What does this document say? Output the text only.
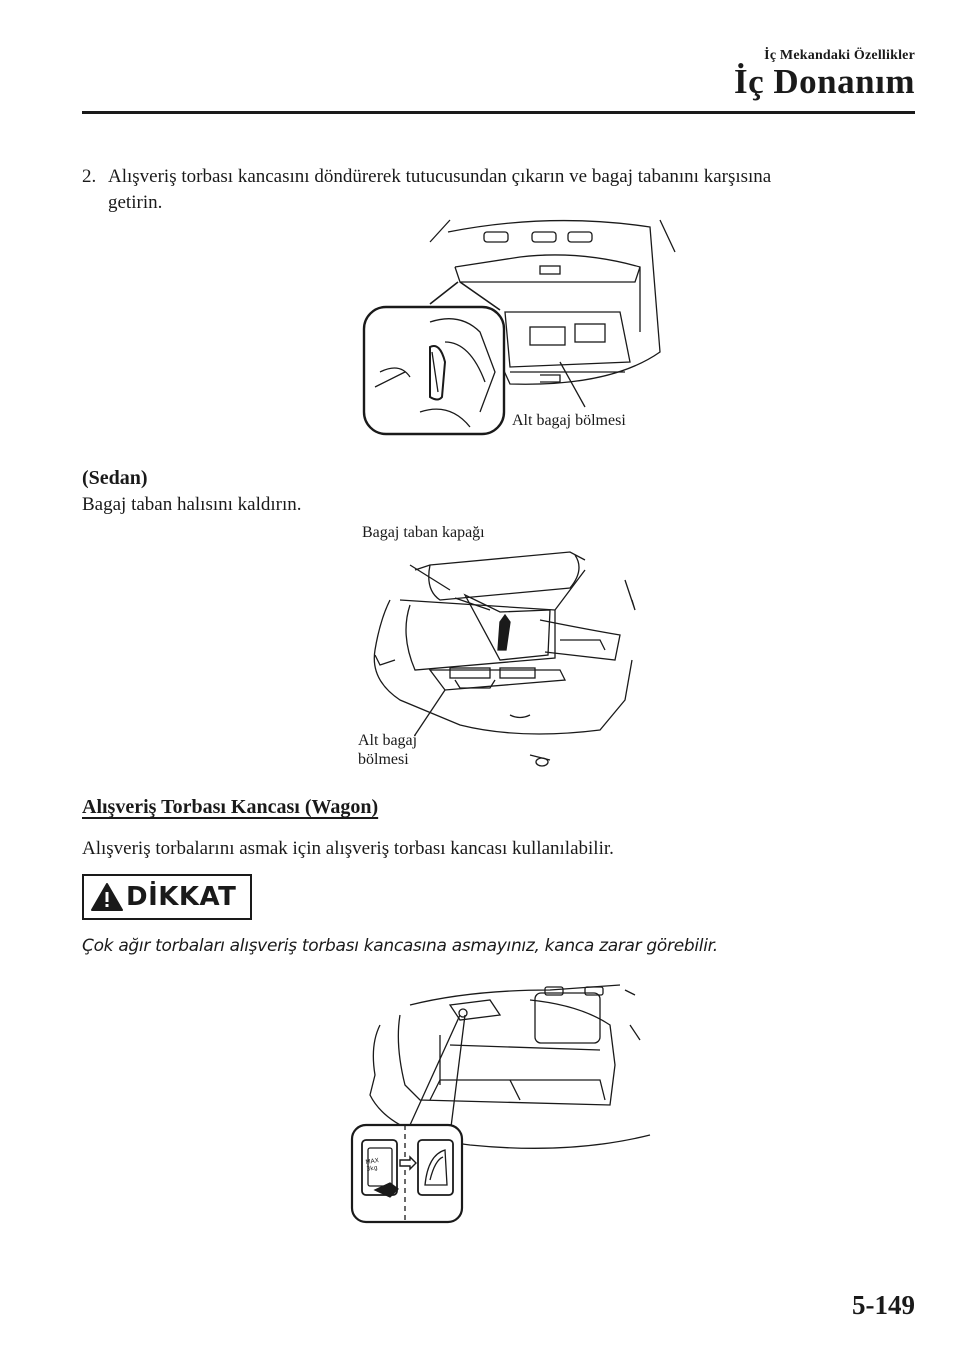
İç Mekandaki Özellikler
İç Donanım
2. Alışveriş torbası kancasını döndürerek tutucusundan çıkarın ve bagaj tabanını karşısına
getirin.
Alt bagaj bölmesi
(Sedan)
Bagaj taban halısını kaldırın.
Bagaj taban kapağı
Alt bagaj
bölmesi
Alışveriş Torbası Kancası (Wagon)
Alışveriş torbalarını asmak için alışveriş torbası kancası kullanılabilir.
DİKKAT
Çok ağır torbaları alışveriş torbası kancasına asmayınız, kanca zarar görebilir.
MAX
3kg
5-149
